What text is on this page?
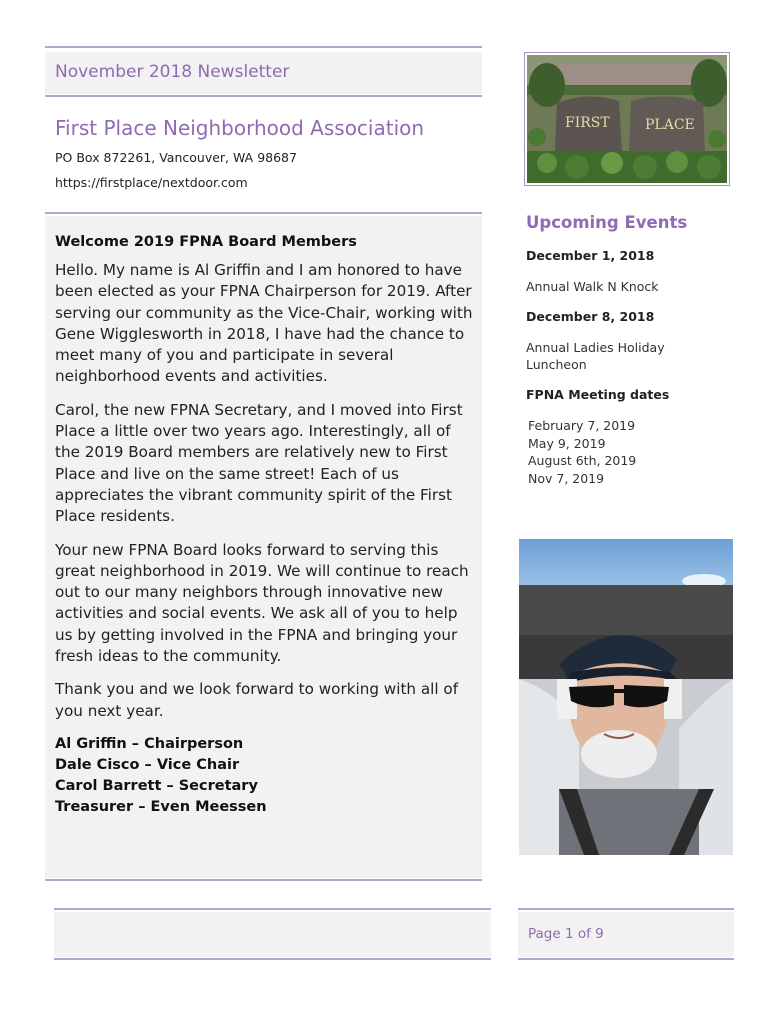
November 2018 Newsletter
First Place Neighborhood Association
PO Box 872261, Vancouver, WA 98687
https://firstplace/nextdoor.com
FIRST	PLACE
Welcome 2019 FPNA Board Members

Hello. My name is Al Griffin and I am honored to have been elected as your FPNA Chairperson for 2019. After serving our community as the Vice-Chair, working with Gene Wigglesworth in 2018, I have had the chance to meet many of you and participate in several neighborhood events and activities.

Carol, the new FPNA Secretary, and I moved into First Place a little over two years ago. Interestingly, all of the 2019 Board members are relatively new to First Place and live on the same street! Each of us appreciates the vibrant community spirit of the First Place residents.

Your new FPNA Board looks forward to serving this great neighborhood in 2019. We will continue to reach out to our many neighbors through innovative new activities and social events. We ask all of you to help us by getting involved in the FPNA and bringing your fresh ideas to the community.

Thank you and we look forward to working with all of you next year.

Al Griffin – Chairperson
Dale Cisco – Vice Chair
Carol Barrett – Secretary
Treasurer – Even Meessen
Upcoming Events
December 1, 2018
Annual Walk N Knock
December 8, 2018
Annual Ladies Holiday Luncheon
FPNA Meeting dates
February 7, 2019
May 9, 2019
August 6th, 2019
Nov 7, 2019
Page 1 of 9
